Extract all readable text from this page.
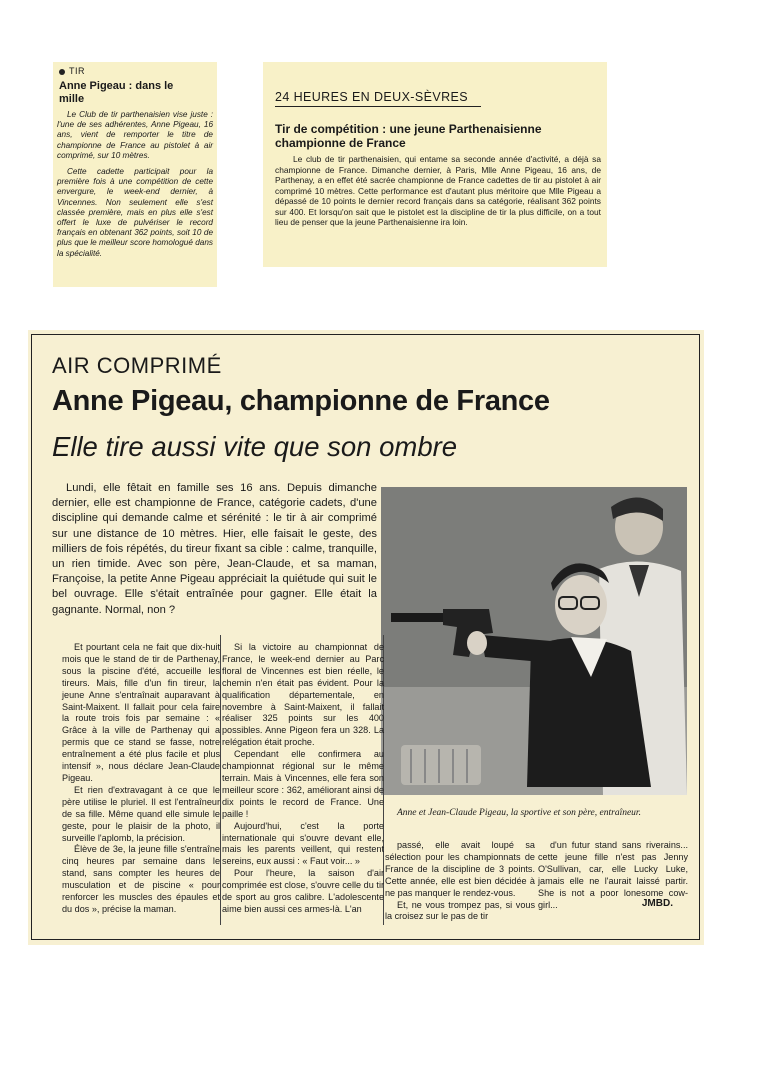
TIR
Anne Pigeau : dans le mille

Le Club de tir parthenaisien vise juste : l'une de ses adhérentes, Anne Pigeau, 16 ans, vient de remporter le titre de championne de France au pistolet à air comprimé, sur 10 mètres.

Cette cadette participait pour la première fois à une compétition de cette envergure, le week-end dernier, à Vincennes. Non seulement elle s'est classée première, mais en plus elle s'est offert le luxe de pulvériser le record français en obtenant 362 points, soit 10 de plus que le meilleur score homologué dans la spécialité.

24 HEURES EN DEUX-SÈVRES
Tir de compétition : une jeune Parthenaisienne championne de France

Le club de tir parthenaisien, qui entame sa seconde année d'activité, a déjà sa championne de France. Dimanche dernier, à Paris, Mlle Anne Pigeau, 16 ans, de Parthenay, a en effet été sacrée championne de France cadettes de tir au pistolet à air comprimé 10 mètres. Cette performance est d'autant plus méritoire que Mlle Pigeau a dépassé de 10 points le dernier record français dans sa catégorie, réalisant 362 points sur 400. Et lorsqu'on sait que le pistolet est la discipline de tir la plus difficile, on a tout lieu de penser que la jeune Parthenaisienne ira loin.

AIR COMPRIMÉ
Anne Pigeau, championne de France
Elle tire aussi vite que son ombre

Lundi, elle fêtait en famille ses 16 ans. Depuis dimanche dernier, elle est championne de France, catégorie cadets, d'une discipline qui demande calme et sérénité : le tir à air comprimé sur une distance de 10 mètres. Hier, elle faisait le geste, des milliers de fois répétés, du tireur fixant sa cible : calme, tranquille, un rien timide. Avec son père, Jean-Claude, et sa maman, Françoise, la petite Anne Pigeau appréciait la quiétude qui suit le bel ouvrage. Elle s'était entraînée pour gagner. Elle était la gagnante. Normal, non ?

Anne et Jean-Claude Pigeau, la sportive et son père, entraîneur.

Et pourtant cela ne fait que dix-huit mois que le stand de tir de Parthenay, sous la piscine d'été, accueille les tireurs. Mais, fille d'un fin tireur, la jeune Anne s'entraînait auparavant à Saint-Maixent. Il fallait pour cela faire la route trois fois par semaine : « Grâce à la ville de Parthenay qui a permis que ce stand se fasse, notre entraînement a été plus facile et plus intensif », nous déclare Jean-Claude Pigeau.

Et rien d'extravagant à ce que le père utilise le pluriel. Il est l'entraîneur de sa fille. Même quand elle simule le geste, pour le plaisir de la photo, il surveille l'aplomb, la précision.

Élève de 3e, la jeune fille s'entraîne cinq heures par semaine dans le stand, sans compter les heures de musculation et de piscine « pour renforcer les muscles des épaules et du dos », précise la maman.

Si la victoire au championnat de France, le week-end dernier au Parc floral de Vincennes est bien réelle, le chemin n'en était pas évident. Pour la qualification départementale, en novembre à Saint-Maixent, il fallait réaliser 325 points sur les 400 possibles. Anne Pigeon fera un 328. La relégation était proche.

Cependant elle confirmera au championnat régional sur le même terrain. Mais à Vincennes, elle fera son meilleur score : 362, améliorant ainsi de dix points le record de France. Une paille !

Aujourd'hui, c'est la porte internationale qui s'ouvre devant elle, mais les parents veillent, qui restent sereins, eux aussi : « Faut voir... »

Pour l'heure, la saison d'air comprimée est close, s'ouvre celle du tir de sport au gros calibre. L'adolescente aime bien aussi ces armes-là. L'an

passé, elle avait loupé sa sélection pour les championnats de France de la discipline de 3 points. Cette année, elle est bien décidée à ne pas manquer le rendez-vous.

Et, ne vous trompez pas, si vous la croisez sur le pas de tir

d'un futur stand sans riverains... cette jeune fille n'est pas Jenny O'Sullivan, car, elle Lucky Luke, jamais elle ne l'aurait laissé partir. She is not a poor lonesome cow-girl...	JMBD.
